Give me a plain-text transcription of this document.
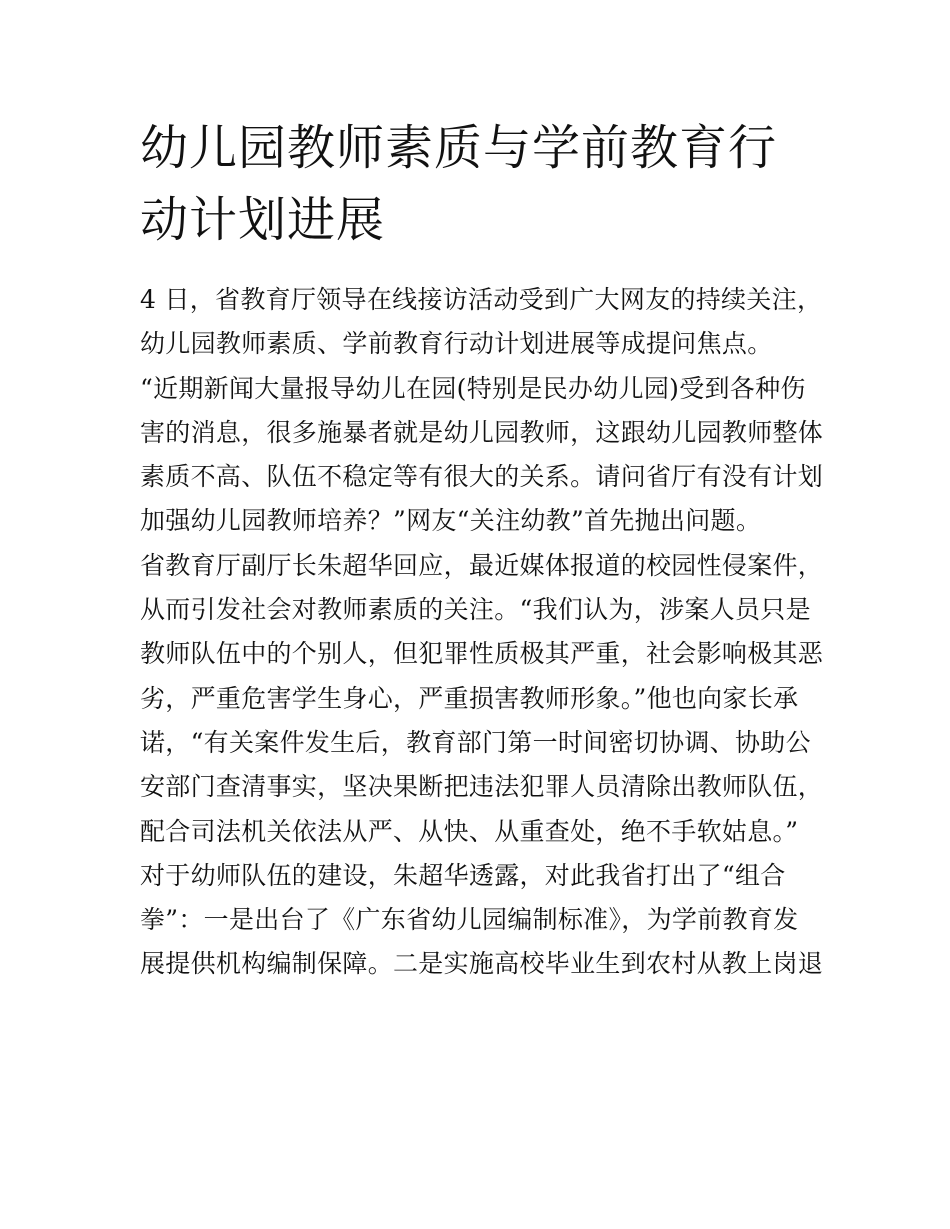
幼儿园教师素质与学前教育行
动计划进展
4 日，省教育厅领导在线接访活动受到广大网友的持续关注，
幼儿园教师素质、学前教育行动计划进展等成提问焦点。
“近期新闻大量报导幼儿在园(特别是民办幼儿园)受到各种伤
害的消息，很多施暴者就是幼儿园教师，这跟幼儿园教师整体
素质不高、队伍不稳定等有很大的关系。请问省厅有没有计划
加强幼儿园教师培养？”网友“关注幼教”首先抛出问题。
省教育厅副厅长朱超华回应，最近媒体报道的校园性侵案件，
从而引发社会对教师素质的关注。“我们认为，涉案人员只是
教师队伍中的个别人，但犯罪性质极其严重，社会影响极其恶
劣，严重危害学生身心，严重损害教师形象。”他也向家长承
诺，“有关案件发生后，教育部门第一时间密切协调、协助公
安部门查清事实，坚决果断把违法犯罪人员清除出教师队伍，
配合司法机关依法从严、从快、从重查处，绝不手软姑息。”
对于幼师队伍的建设，朱超华透露，对此我省打出了“组合
拳”：一是出台了《广东省幼儿园编制标准》，为学前教育发
展提供机构编制保障。二是实施高校毕业生到农村从教上岗退
